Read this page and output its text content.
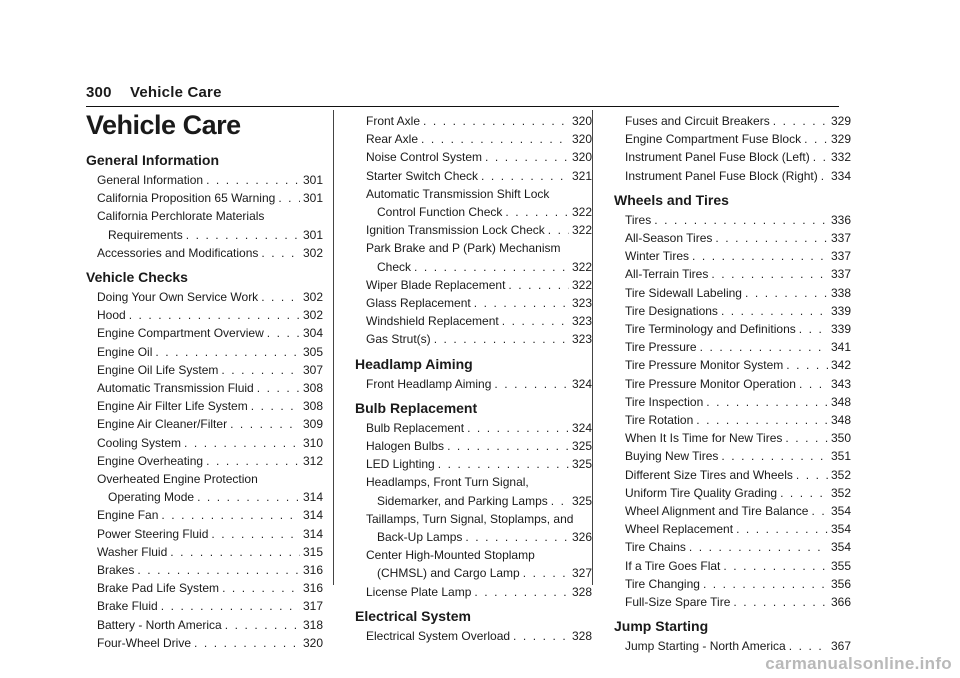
300 Vehicle Care
Vehicle Care
General Information
General Information . . .	301
California Proposition 65 Warning . . . 301
California Perchlorate Materials
Requirements . . .	301
Accessories and Modifications . . .	302
Vehicle Checks
Doing Your Own Service Work . . .	302
Hood . . .	302
Engine Compartment Overview . . .	304
Engine Oil . . .	305
Engine Oil Life System . . .	307
Automatic Transmission Fluid . . .	308
Engine Air Filter Life System . . .	308
Engine Air Cleaner/Filter . . .	309
Cooling System . . .	310
Engine Overheating . . .	312
Overheated Engine Protection
Operating Mode . . .	314
Engine Fan . . .	314
Power Steering Fluid . . .	314
Washer Fluid . . .	315
Brakes . . .	316
Brake Pad Life System . . .	316
Brake Fluid . . .	317
Battery - North America . . .	318
Four-Wheel Drive . . .	320
Front Axle . . .	320
Rear Axle . . .	320
Noise Control System . . .	320
Starter Switch Check . . .	321
Automatic Transmission Shift Lock
Control Function Check . . .	322
Ignition Transmission Lock Check . . . 322
Park Brake and P (Park) Mechanism
Check . . .	322
Wiper Blade Replacement . . .	322
Glass Replacement . . .	323
Windshield Replacement . . .	323
Gas Strut(s) . . .	323
Headlamp Aiming
Front Headlamp Aiming . . .	324
Bulb Replacement
Bulb Replacement . . .	324
Halogen Bulbs . . .	325
LED Lighting . . .	325
Headlamps, Front Turn Signal,
Sidemarker, and Parking Lamps . . . 325
Taillamps, Turn Signal, Stoplamps, and
Back-Up Lamps . . .	326
Center High-Mounted Stoplamp
(CHMSL) and Cargo Lamp . . .	327
License Plate Lamp . . .	328
Electrical System
Electrical System Overload . . .	328
Fuses and Circuit Breakers . . .	329
Engine Compartment Fuse Block . . . 329
Instrument Panel Fuse Block (Left) . . . 332
Instrument Panel Fuse Block (Right) . . . 334
Wheels and Tires
Tires . . .	336
All-Season Tires . . .	337
Winter Tires . . .	337
All-Terrain Tires . . .	337
Tire Sidewall Labeling . . .	338
Tire Designations . . .	339
Tire Terminology and Definitions . . .	339
Tire Pressure . . .	341
Tire Pressure Monitor System . . .	342
Tire Pressure Monitor Operation . . .	343
Tire Inspection . . .	348
Tire Rotation . . .	348
When It Is Time for New Tires . . .	350
Buying New Tires . . .	351
Different Size Tires and Wheels . . .	352
Uniform Tire Quality Grading . . .	352
Wheel Alignment and Tire Balance . . . 354
Wheel Replacement . . .	354
Tire Chains . . .	354
If a Tire Goes Flat . . .	355
Tire Changing . . .	356
Full-Size Spare Tire . . .	366
Jump Starting
Jump Starting - North America . . .	367
carmanualsonline.info
